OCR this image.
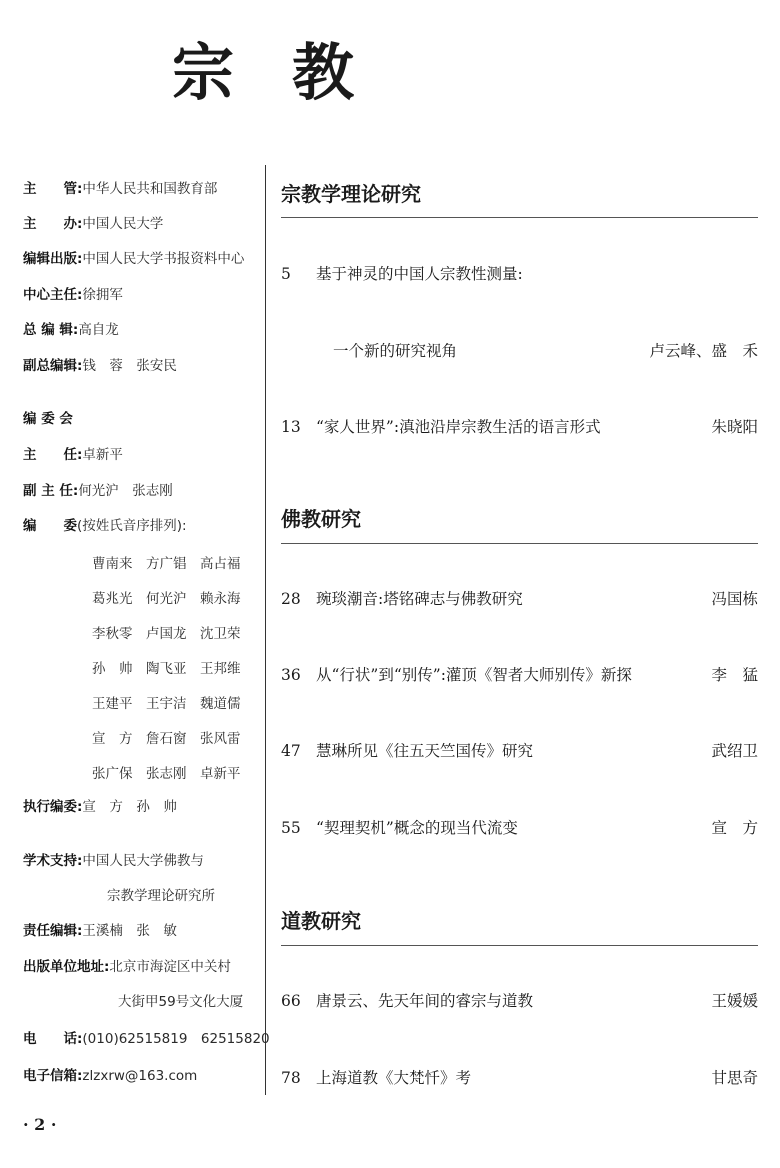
宗教
主　　管:中华人民共和国教育部
主　　办:中国人民大学
编辑出版:中国人民大学书报资料中心
中心主任:徐拥军
总 编 辑:高自龙
副总编辑:钱　蓉　张安民
编 委 会
主　　任:卓新平
副 主 任:何光沪　张志刚
编　　委(按姓氏音序排列):
曹南来　方广锠　高占福
葛兆光　何光沪　赖永海
李秋零　卢国龙　沈卫荣
孙　帅　陶飞亚　王邦维
王建平　王宇洁　魏道儒
宣　方　詹石窗　张风雷
张广保　张志刚　卓新平
执行编委:宣　方　孙　帅
学术支持:中国人民大学佛教与
宗教学理论研究所
责任编辑:王溪楠　张　敏
出版单位地址:北京市海淀区中关村
大街甲59号文化大厦
电　　话:(010)62515819　62515820
电子信箱:zlzxrw@163.com
宗教学理论研究
5 基于神灵的中国人宗教性测量:
一个新的研究视角	卢云峰、盛　禾
13 “家人世界”:滇池沿岸宗教生活的语言形式	朱晓阳
佛教研究
28 琬琰潮音:塔铭碑志与佛教研究	冯国栋
36 从“行状”到“别传”:灌顶《智者大师别传》新探	李　猛
47 慧琳所见《往五天竺国传》研究	武绍卫
55 “契理契机”概念的现当代流变	宣　方
道教研究
66 唐景云、先天年间的睿宗与道教	王媛媛
78 上海道教《大梵忏》考	甘思奇
· 2 ·
